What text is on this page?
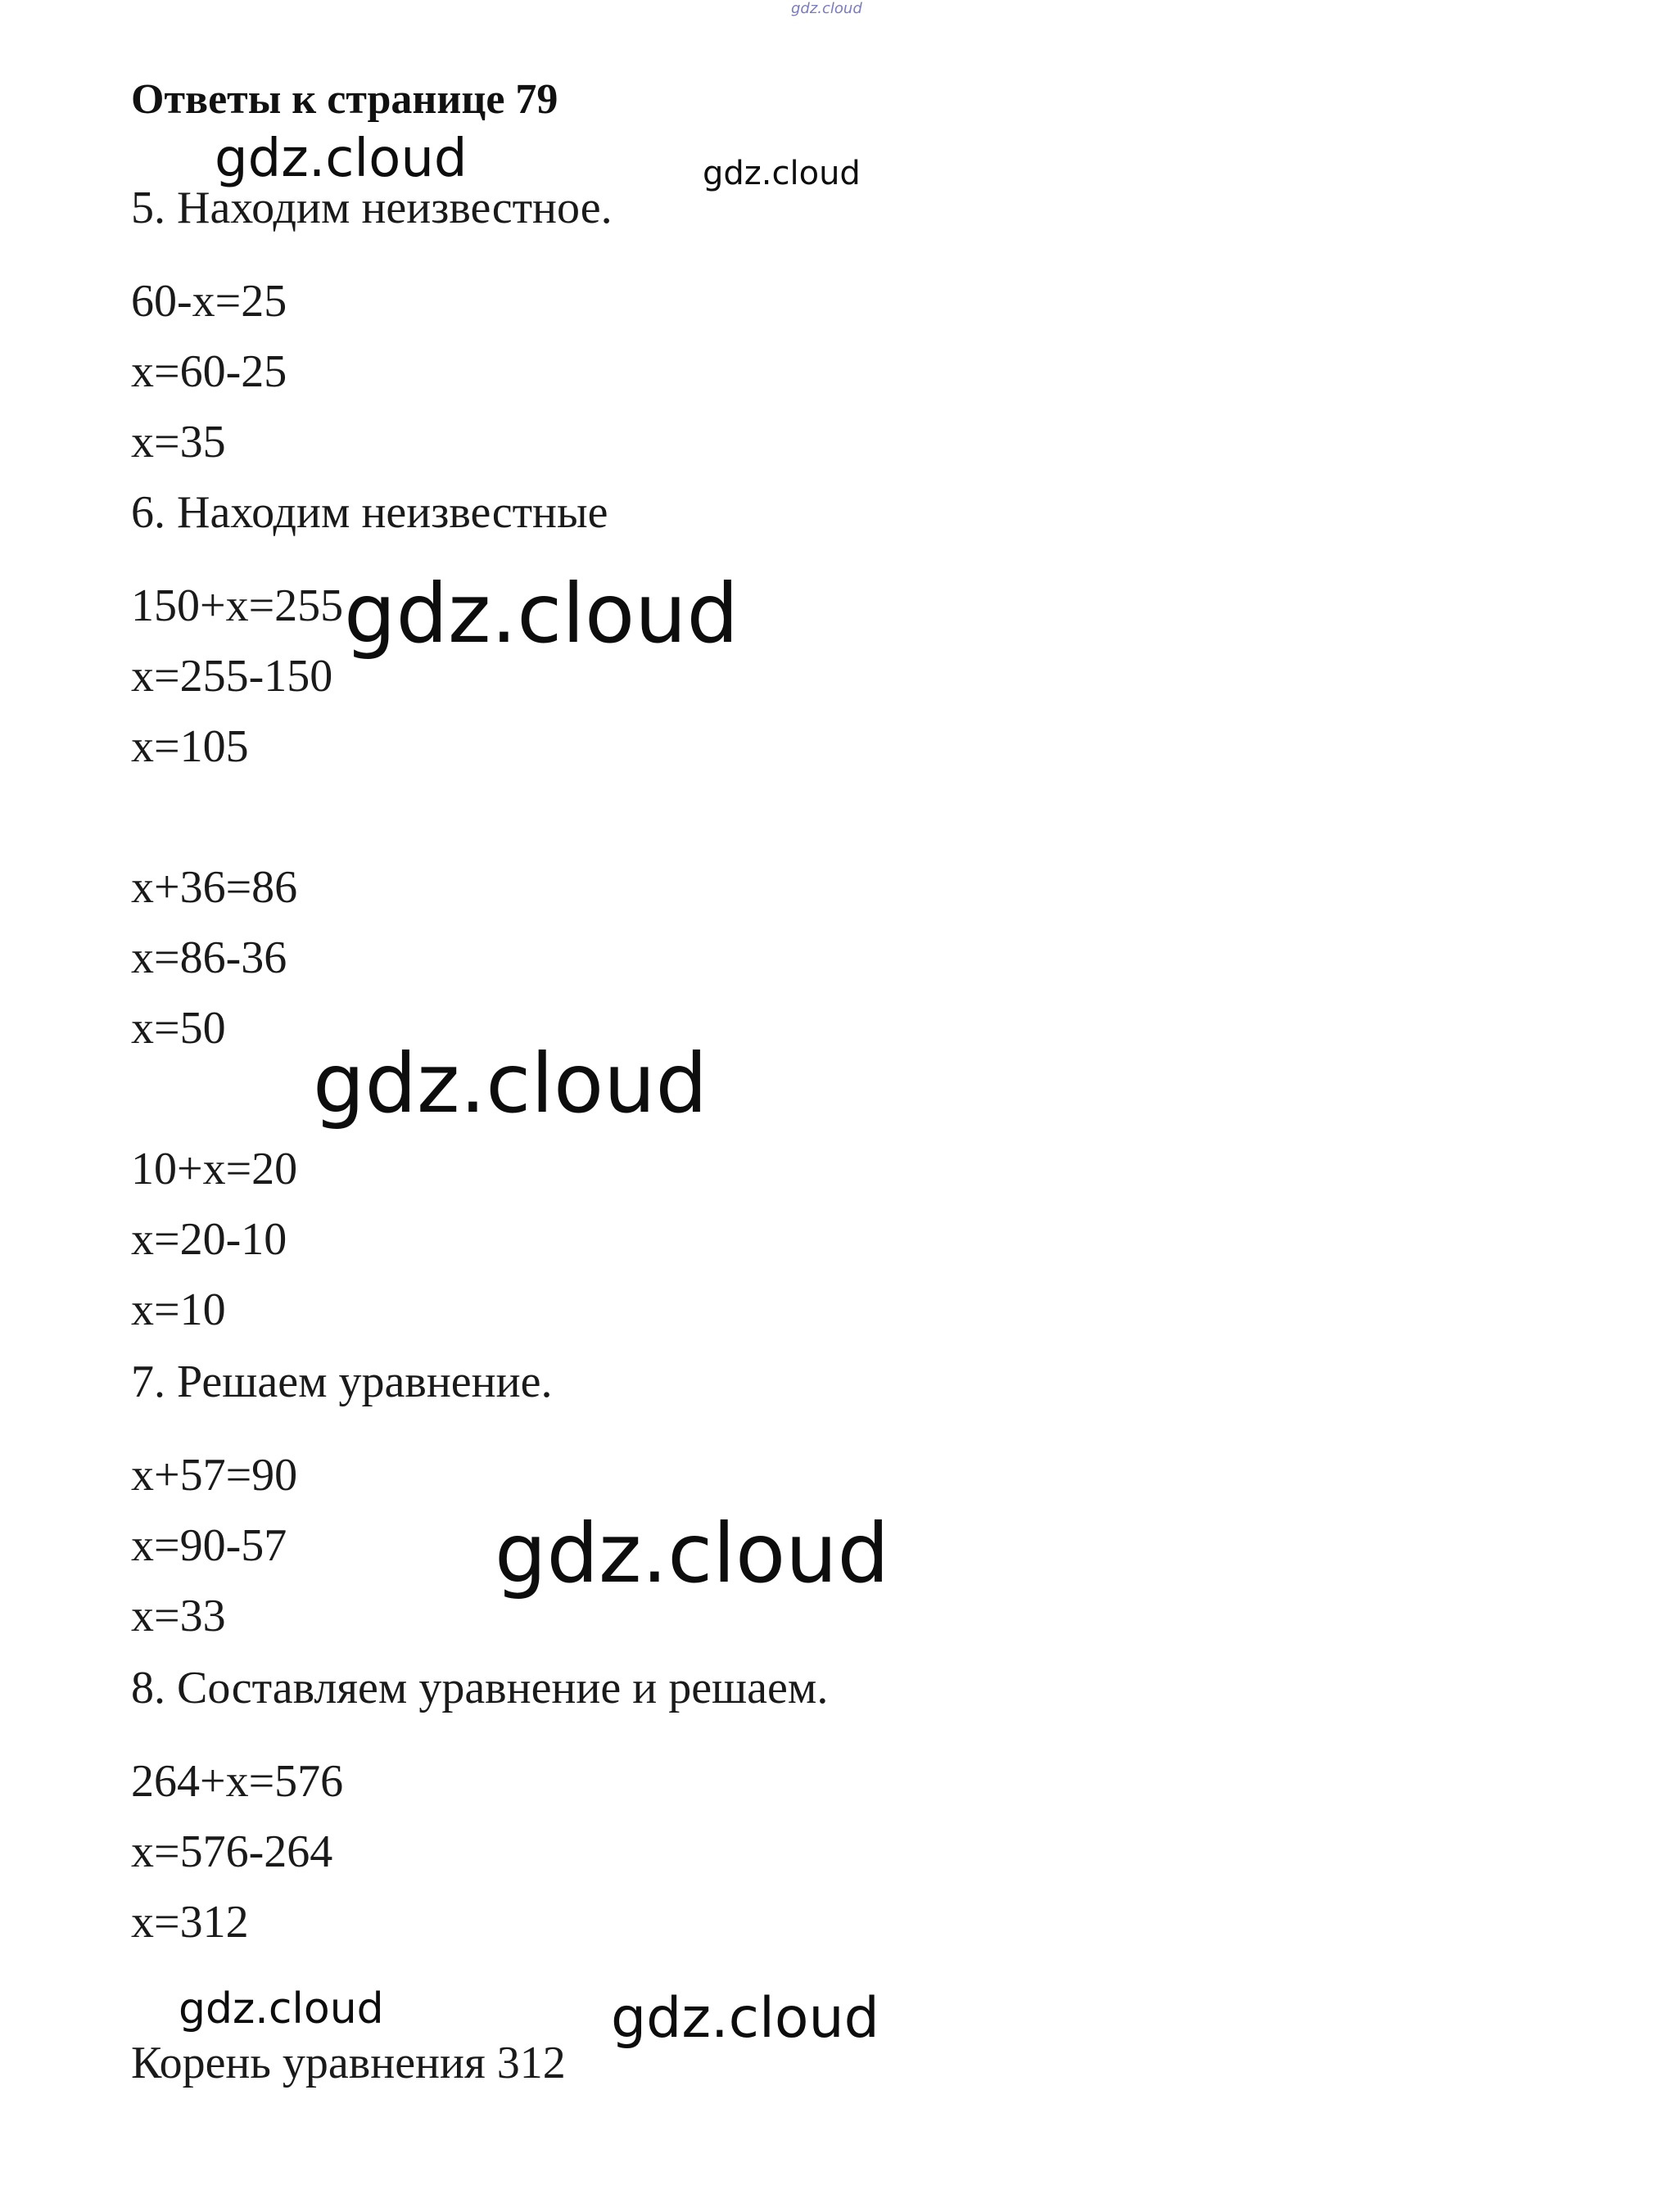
gdz.cloud
Ответы к странице 79
gdz.cloud	gdz.cloud
5. Находим неизвестное.
60-x=25
x=60-25
x=35
6. Находим неизвестные
150+x=255 gdz.cloud
x=255-150
x=105
x+36=86
x=86-36
x=50
gdz.cloud
10+x=20
x=20-10
x=10
7. Решаем уравнение.
x+57=90
x=90-57	gdz.cloud
x=33
8. Составляем уравнение и решаем.
264+x=576
x=576-264
x=312
gdz.cloud	gdz.cloud
Корень уравнения 312
